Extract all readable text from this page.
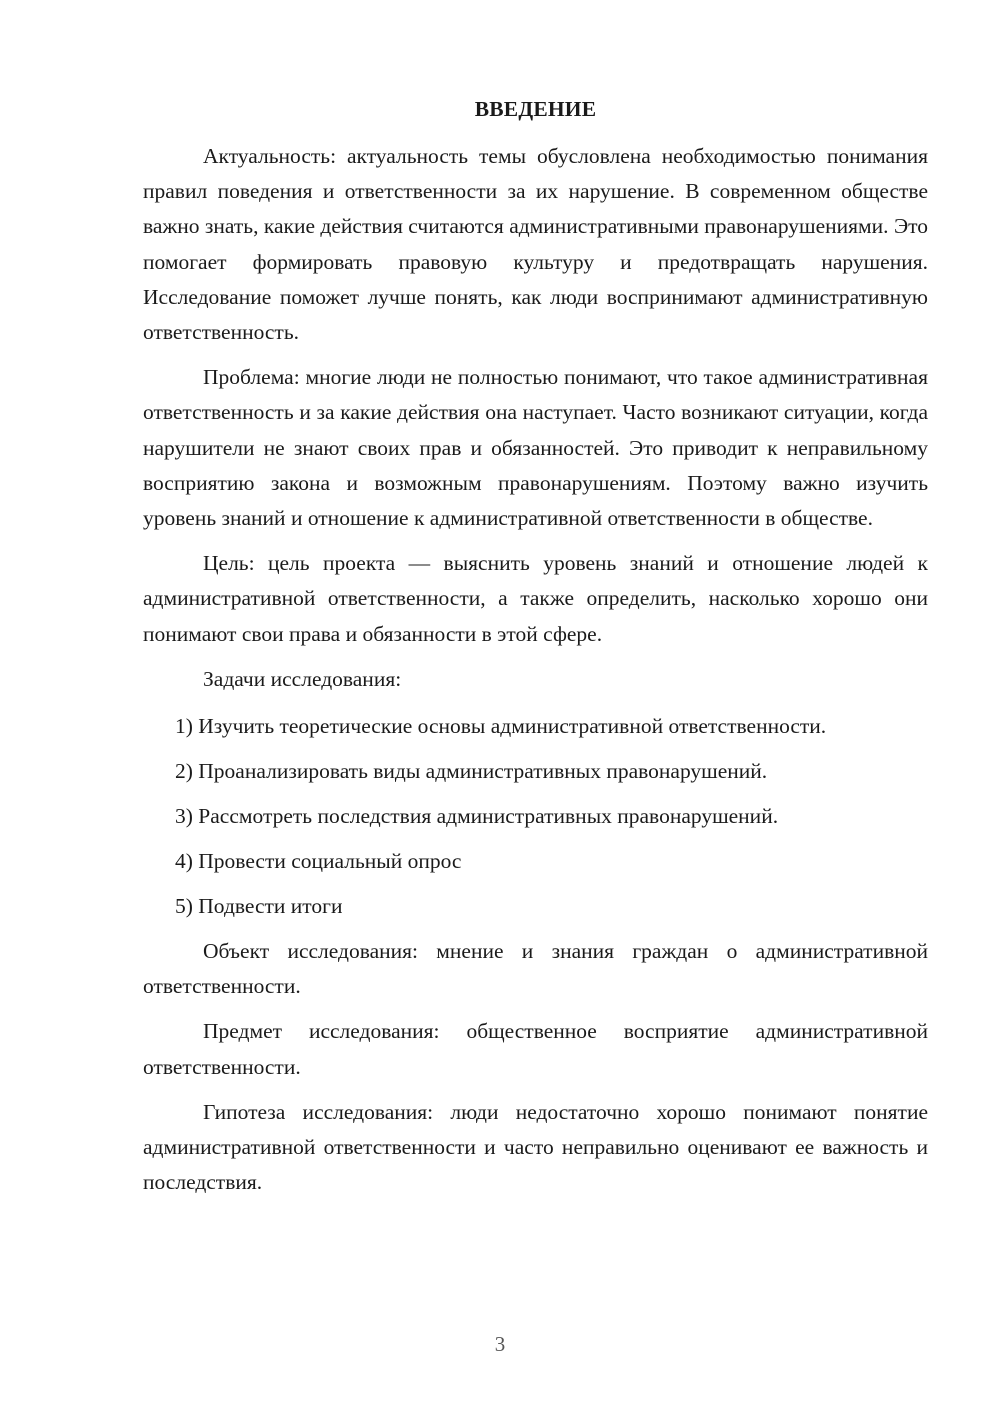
ВВЕДЕНИЕ

Актуальность: актуальность темы обусловлена необходимостью понимания правил поведения и ответственности за их нарушение. В современном обществе важно знать, какие действия считаются административными правонарушениями. Это помогает формировать правовую культуру и предотвращать нарушения. Исследование поможет лучше понять, как люди воспринимают административную ответственность.

Проблема: многие люди не полностью понимают, что такое административная ответственность и за какие действия она наступает. Часто возникают ситуации, когда нарушители не знают своих прав и обязанностей. Это приводит к неправильному восприятию закона и возможным правонарушениям. Поэтому важно изучить уровень знаний и отношение к административной ответственности в обществе.

Цель: цель проекта — выяснить уровень знаний и отношение людей к административной ответственности, а также определить, насколько хорошо они понимают свои права и обязанности в этой сфере.

Задачи исследования:

1) Изучить теоретические основы административной ответственности.
2) Проанализировать виды административных правонарушений.
3) Рассмотреть последствия административных правонарушений.
4) Провести социальный опрос
5) Подвести итоги

Объект исследования: мнение и знания граждан о административной ответственности.

Предмет исследования: общественное восприятие административной ответственности.

Гипотеза исследования: люди недостаточно хорошо понимают понятие административной ответственности и часто неправильно оценивают ее важность и последствия.

3
